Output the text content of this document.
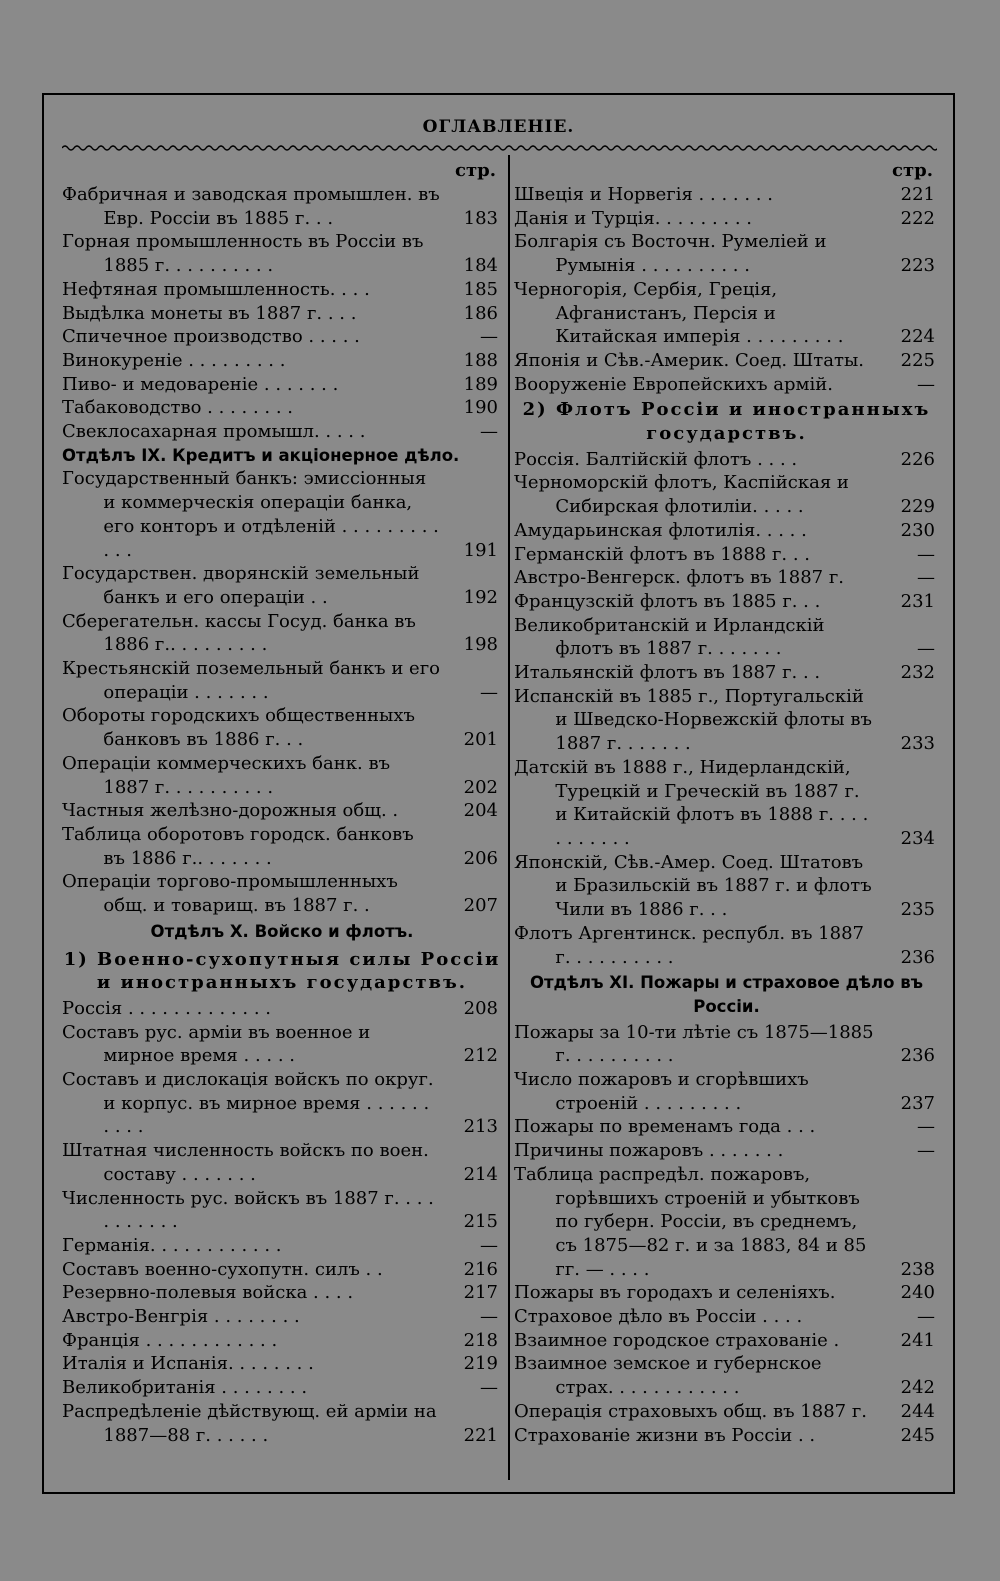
ОГЛАВЛЕНІЕ.
стр.
Фабричная и заводская промышлен. въ Евр. Россіи въ 1885 г. . .	183
Горная промышленность въ Россіи въ 1885 г. . . . . . . . . .	184
Нефтяная промышленность. . . .	185
Выдѣлка монеты въ 1887 г. . . .	186
Спичечное производство . . . . .	—
Винокуреніе . . . . . . . . .	188
Пиво- и медовареніе . . . . . . .	189
Табаководство . . . . . . . .	190
Свеклосахарная промышл. . . . .	—
Отдѣлъ IX. Кредитъ и акціонерное дѣло.
Государственный банкъ: эмиссіонныя и коммерческія операціи банка, его конторъ и отдѣленій . . . . . . . . . . . .	191
Государствен. дворянскій земельный банкъ и его операціи . .	192
Сберегательн. кассы Госуд. банка въ 1886 г.. . . . . . . . .	198
Крестьянскій поземельный банкъ и его операціи . . . . . . .	—
Обороты городскихъ общественныхъ банковъ въ 1886 г. . .	201
Операціи коммерческихъ банк. въ 1887 г. . . . . . . . . .	202
Частныя желѣзно-дорожныя общ. .	204
Таблица оборотовъ городск. банковъ въ 1886 г.. . . . . . .	206
Операціи торгово-промышленныхъ общ. и товарищ. въ 1887 г. .	207
Отдѣлъ X. Войско и флотъ.
1) Военно-сухопутныя силы Россіи и иностранныхъ государствъ.
Россія . . . . . . . . . . . . .	208
Составъ рус. арміи въ военное и мирное время . . . . .	212
Составъ и дислокація войскъ по округ. и корпус. въ мирное время . . . . . . . . . .	213
Штатная численность войскъ по воен. составу . . . . . . .	214
Численность рус. войскъ въ 1887 г. . . . . . . . . . .	215
Германія. . . . . . . . . . . .	—
Составъ военно-сухопутн. силъ . .	216
Резервно-полевыя войска . . . .	217
Австро-Венгрія . . . . . . . .	—
Франція . . . . . . . . . . . .	218
Италія и Испанія. . . . . . . .	219
Великобританія . . . . . . . .	—
Распредѣленіе дѣйствующ. ей арміи на 1887—88 г. . . . . .	221
стр.
Швеція и Норвегія . . . . . . .	221
Данія и Турція. . . . . . . . .	222
Болгарія съ Восточн. Румеліей и Румынія . . . . . . . . . .	223
Черногорія, Сербія, Греція, Афганистанъ, Персія и Китайская имперія . . . . . . . . .	224
Японія и Сѣв.-Америк. Соед. Штаты.	225
Вооруженіе Европейскихъ армій.	—
2) Флотъ Россіи и иностранныхъ государствъ.
Россія. Балтійскій флотъ . . . .	226
Черноморскій флотъ, Каспійская и Сибирская флотиліи. . . . .	229
Амударьинская флотилія. . . . .	230
Германскій флотъ въ 1888 г. . .	—
Австро-Венгерск. флотъ въ 1887 г.	—
Французскій флотъ въ 1885 г. . .	231
Великобританскій и Ирландскій флотъ въ 1887 г. . . . . . .	—
Итальянскій флотъ въ 1887 г. . .	232
Испанскій въ 1885 г., Португальскій и Шведско-Норвежскій флоты въ 1887 г. . . . . . .	233
Датскій въ 1888 г., Нидерландскій, Турецкій и Греческій въ 1887 г. и Китайскій флотъ въ 1888 г. . . . . . . . . . .	234
Японскій, Сѣв.-Амер. Соед. Штатовъ и Бразильскій въ 1887 г. и флотъ Чили въ 1886 г. . .	235
Флотъ Аргентинск. республ. въ 1887 г. . . . . . . . . .	236
Отдѣлъ XI. Пожары и страховое дѣло въ Россіи.
Пожары за 10-ти лѣтіе съ 1875—1885 г. . . . . . . . . .	236
Число пожаровъ и сгорѣвшихъ строеній . . . . . . . . .	237
Пожары по временамъ года . . .	—
Причины пожаровъ . . . . . . .	—
Таблица распредѣл. пожаровъ, горѣвшихъ строеній и убытковъ по губерн. Россіи, въ среднемъ, съ 1875—82 г. и за 1883, 84 и 85 гг. — . . . .	238
Пожары въ городахъ и селеніяхъ.	240
Страховое дѣло въ Россіи . . . .	—
Взаимное городское страхованіе .	241
Взаимное земское и губернское страх. . . . . . . . . . . .	242
Операція страховыхъ общ. въ 1887 г.	244
Страхованіе жизни въ Россіи . .	245
